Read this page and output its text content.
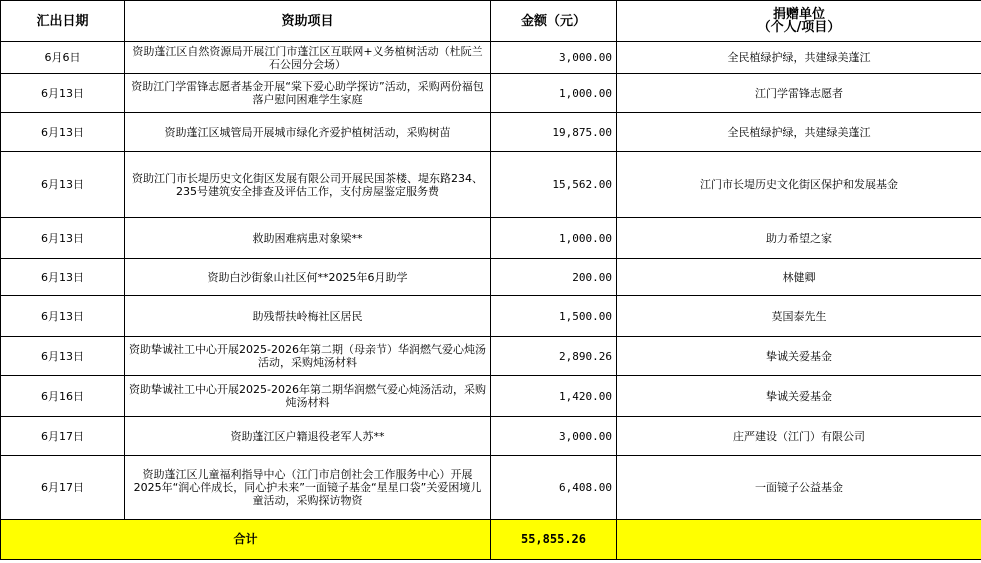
汇出日期	资助项目	金额（元）	捐赠单位
（个人/项目）

6月6日	资助蓬江区自然资源局开展江门市蓬江区互联网+义务植树活动（杜阮兰石公园分会场）	3,000.00	全民植绿护绿，共建绿美蓬江
6月13日	资助江门学雷锋志愿者基金开展“棠下爱心助学探访”活动，采购两份福包落户慰问困难学生家庭	1,000.00	江门学雷锋志愿者
6月13日	资助蓬江区城管局开展城市绿化齐爱护植树活动，采购树苗	19,875.00	全民植绿护绿，共建绿美蓬江
6月13日	资助江门市长堤历史文化街区发展有限公司开展民国茶楼、堤东路234、235号建筑安全排查及评估工作，支付房屋鉴定服务费	15,562.00	江门市长堤历史文化街区保护和发展基金
6月13日	救助困难病患对象梁**	1,000.00	助力希望之家
6月13日	资助白沙街象山社区何**2025年6月助学	200.00	林健卿
6月13日	助残帮扶岭梅社区居民	1,500.00	莫国泰先生
6月13日	资助挚诚社工中心开展2025-2026年第二期（母亲节）华润燃气爱心炖汤活动，采购炖汤材料	2,890.26	挚诚关爱基金
6月16日	资助挚诚社工中心开展2025-2026年第二期华润燃气爱心炖汤活动，采购炖汤材料	1,420.00	挚诚关爱基金
6月17日	资助蓬江区户籍退役老军人苏**	3,000.00	庄严建设（江门）有限公司
6月17日	资助蓬江区儿童福利指导中心（江门市启创社会工作服务中心）开展2025年“润心伴成长，同心护未来”一面镜子基金“星星口袋”关爱困境儿童活动，采购探访物资	6,408.00	一面镜子公益基金
合计		55,855.26	
